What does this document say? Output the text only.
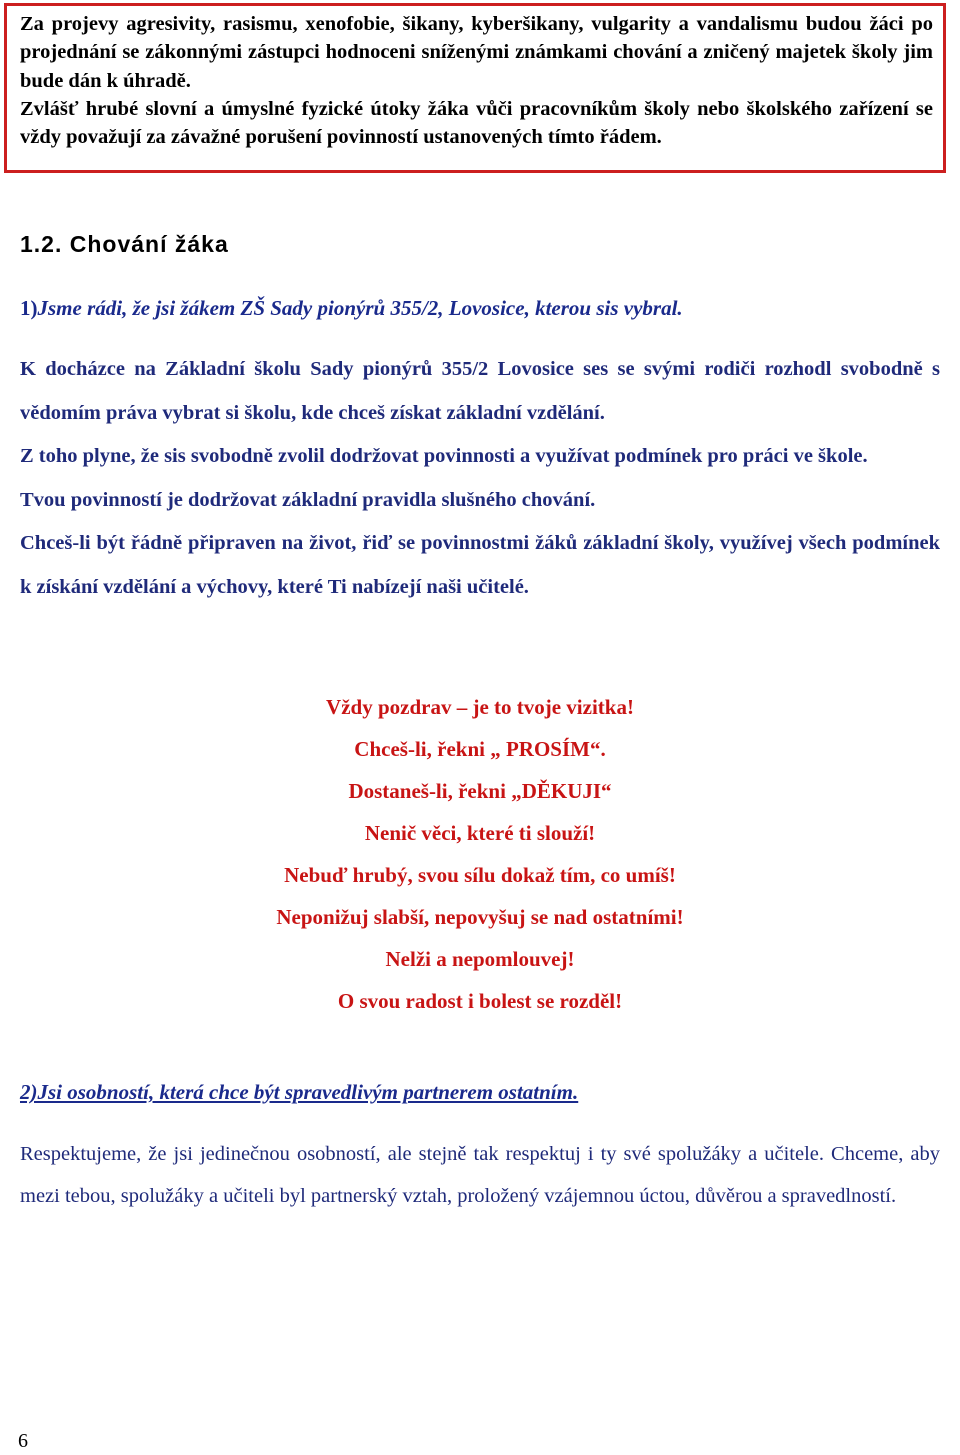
Za projevy agresivity, rasismu, xenofobie, šikany, kyberšikany, vulgarity a vandalismu budou žáci po projednání se zákonnými zástupci hodnoceni sníženými známkami chování a zničený majetek školy jim bude dán k úhradě.

Zvlášť hrubé slovní a úmyslné fyzické útoky žáka vůči pracovníkům školy nebo školského zařízení se vždy považují za závažné porušení povinností ustanovených tímto řádem.

1.2. Chování žáka
1)Jsme rádi, že jsi žákem ZŠ Sady pionýrů 355/2, Lovosice, kterou sis vybral.

K docházce na Základní školu Sady pionýrů 355/2 Lovosice ses se svými rodiči rozhodl svobodně s vědomím práva vybrat si školu, kde chceš získat základní vzdělání.

Z toho plyne, že sis svobodně zvolil dodržovat povinnosti a využívat podmínek pro práci ve škole.

Tvou povinností je dodržovat základní pravidla slušného chování.

Chceš-li být řádně připraven na život, řiď se povinnostmi žáků základní školy, využívej všech podmínek k získání vzdělání a výchovy, které Ti nabízejí naši učitelé.

Vždy pozdrav – je to tvoje vizitka!
Chceš-li, řekni „ PROSÍM“.
Dostaneš-li, řekni „DĚKUJI“
Nenič věci, které ti slouží!
Nebuď hrubý, svou sílu dokaž tím, co umíš!
Neponižuj slabší, nepovyšuj se nad ostatními!
Nelži a nepomlouvej!
O svou radost i bolest se rozděl!
2)Jsi osobností, která chce být spravedlivým partnerem ostatním.

Respektujeme, že jsi jedinečnou osobností, ale stejně tak respektuj i ty své spolužáky a učitele. Chceme, aby mezi tebou, spolužáky a učiteli byl partnerský vztah, proložený vzájemnou úctou, důvěrou a spravedlností.

6
